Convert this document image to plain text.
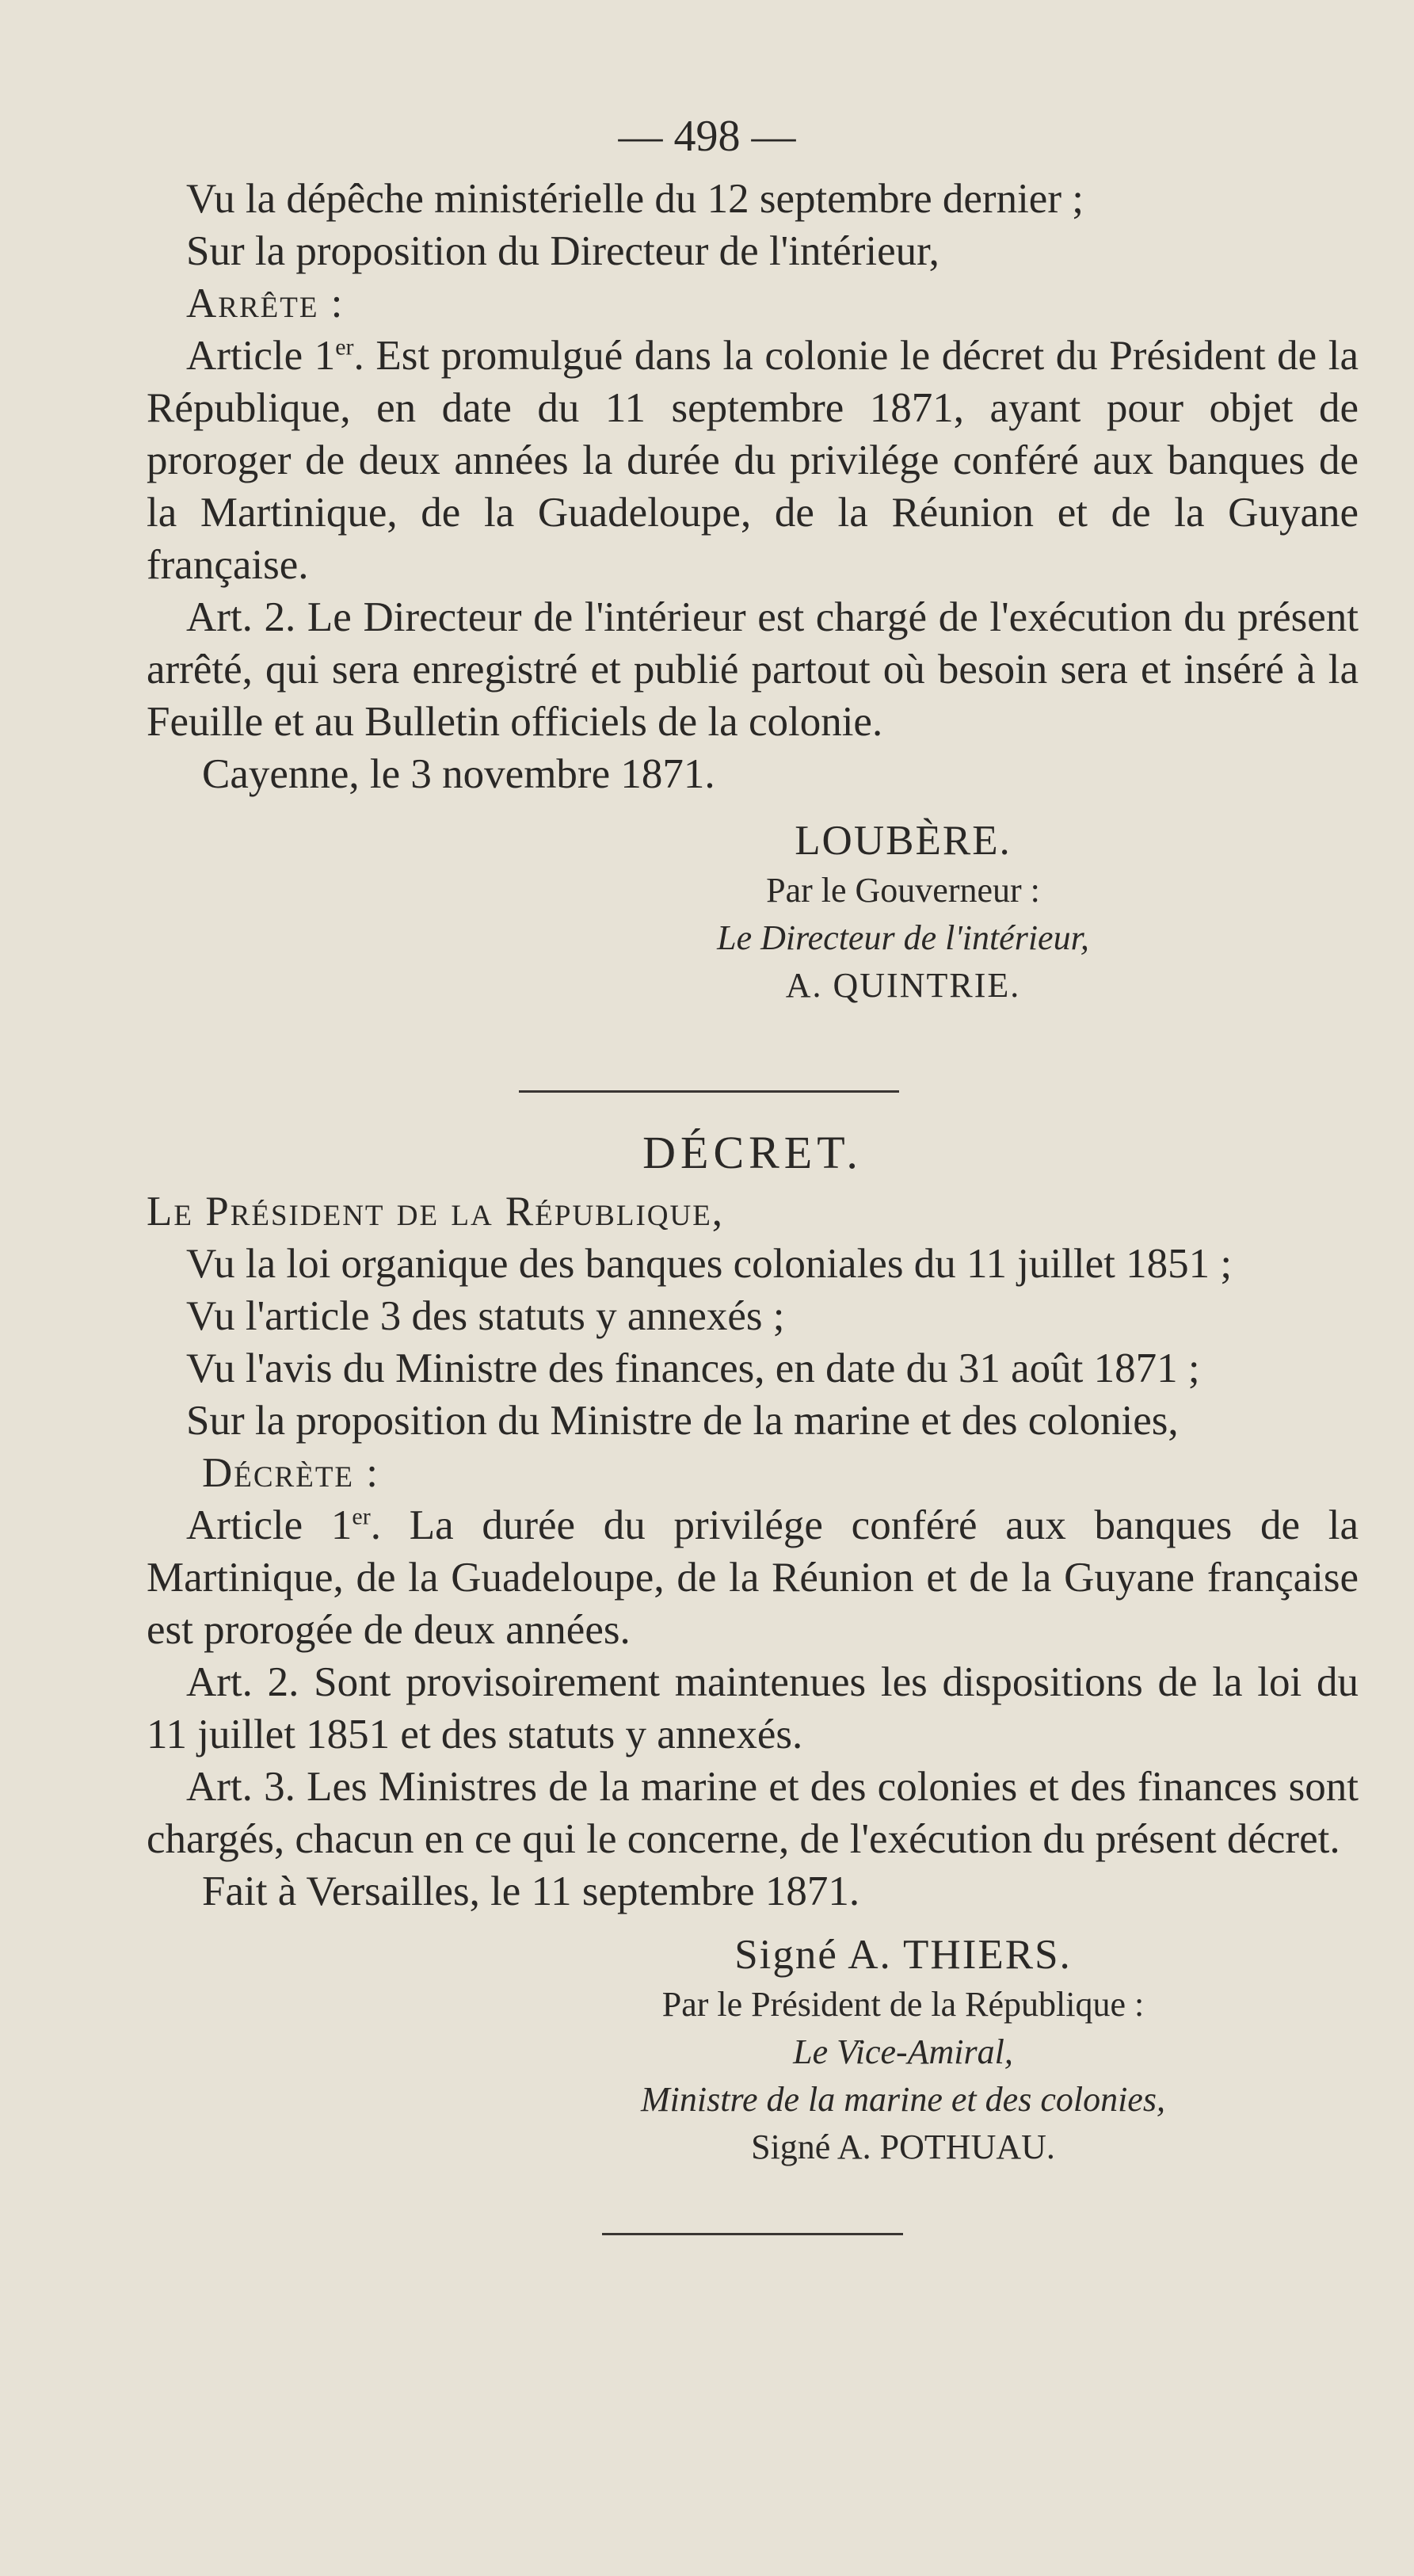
— 498 —

Vu la dépêche ministérielle du 12 septembre dernier ;

Sur la proposition du Directeur de l'intérieur,

Arrête :

Article 1er. Est promulgué dans la colonie le décret du Président de la République, en date du 11 septembre 1871, ayant pour objet de proroger de deux années la durée du privilége conféré aux banques de la Martinique, de la Guadeloupe, de la Réunion et de la Guyane française.

Art. 2. Le Directeur de l'intérieur est chargé de l'exécution du présent arrêté, qui sera enregistré et publié partout où besoin sera et inséré à la Feuille et au Bulletin officiels de la colonie.

Cayenne, le 3 novembre 1871.

LOUBÈRE.

Par le Gouverneur :

Le Directeur de l'intérieur,

A. QUINTRIE.

DÉCRET.

Le Président de la République,

Vu la loi organique des banques coloniales du 11 juillet 1851 ;

Vu l'article 3 des statuts y annexés ;

Vu l'avis du Ministre des finances, en date du 31 août 1871 ;

Sur la proposition du Ministre de la marine et des colonies,

Décrète :

Article 1er. La durée du privilége conféré aux banques de la Martinique, de la Guadeloupe, de la Réunion et de la Guyane française est prorogée de deux années.

Art. 2. Sont provisoirement maintenues les dispositions de la loi du 11 juillet 1851 et des statuts y annexés.

Art. 3. Les Ministres de la marine et des colonies et des finances sont chargés, chacun en ce qui le concerne, de l'exécution du présent décret.

Fait à Versailles, le 11 septembre 1871.

Signé A. THIERS.

Par le Président de la République :

Le Vice-Amiral,

Ministre de la marine et des colonies,

Signé A. POTHUAU.
